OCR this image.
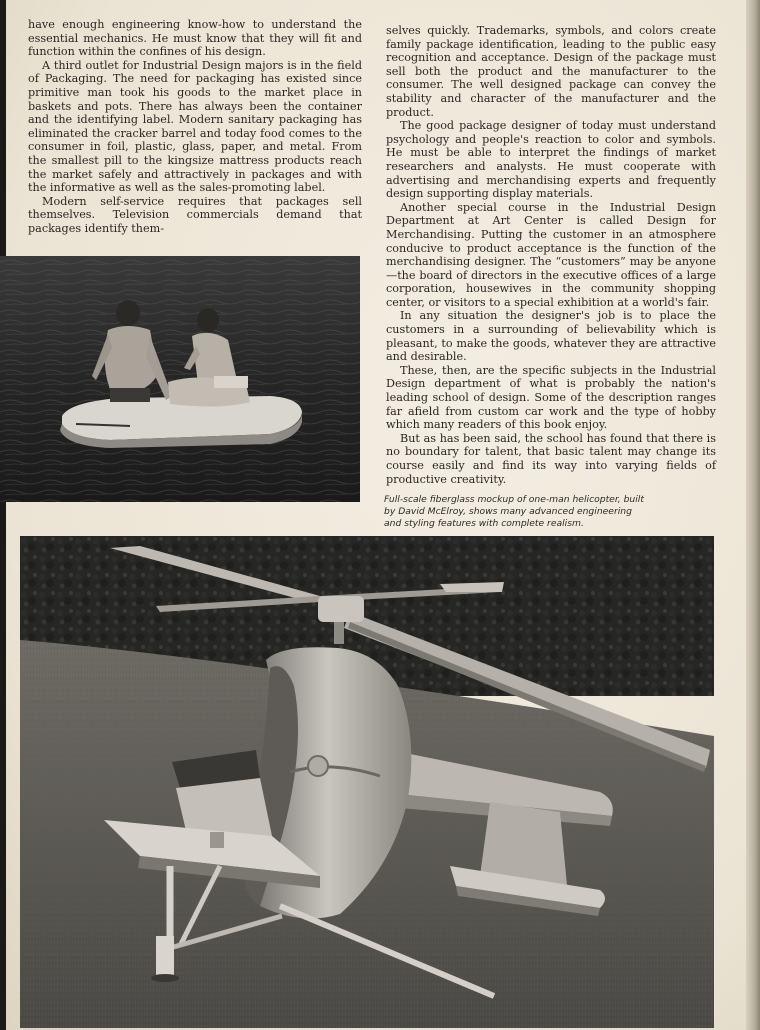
have enough engineering know-how to understand the essential mechanics. He must know that they will fit and function within the confines of his design.

A third outlet for Industrial Design majors is in the field of Packaging. The need for packaging has existed since primitive man took his goods to the market place in baskets and pots. There has always been the container and the identifying label. Modern sanitary packaging has eliminated the cracker barrel and today food comes to the consumer in foil, plastic, glass, paper, and metal. From the smallest pill to the kingsize mattress products reach the market safely and attractively in packages and with the informative as well as the sales-promoting label.

Modern self-service requires that packages sell themselves. Television commercials demand that packages identify them-

selves quickly. Trademarks, symbols, and colors create family package identification, leading to the public easy recognition and acceptance. Design of the package must sell both the product and the manufacturer to the consumer. The well designed package can convey the stability and character of the manufacturer and the product.

The good package designer of today must understand psychology and people's reaction to color and symbols. He must be able to interpret the findings of market researchers and analysts. He must cooperate with advertising and merchandising experts and frequently design supporting display materials.

Another special course in the Industrial Design Department at Art Center is called Design for Merchandising. Putting the customer in an atmosphere conducive to product acceptance is the function of the merchandising designer. The “customers” may be anyone—the board of directors in the executive offices of a large corporation, housewives in the community shopping center, or visitors to a special exhibition at a world's fair.

In any situation the designer's job is to place the customers in a surrounding of believability which is pleasant, to make the goods, whatever they are attractive and desirable.

These, then, are the specific subjects in the Industrial Design department of what is probably the nation's leading school of design. Some of the description ranges far afield from custom car work and the type of hobby which many readers of this book enjoy.

But as has been said, the school has found that there is no boundary for talent, that basic talent may change its course easily and find its way into varying fields of productive creativity.

Full-scale fiberglass mockup of one-man helicopter, built
by David McElroy, shows many advanced engineering
and styling features with complete realism.
